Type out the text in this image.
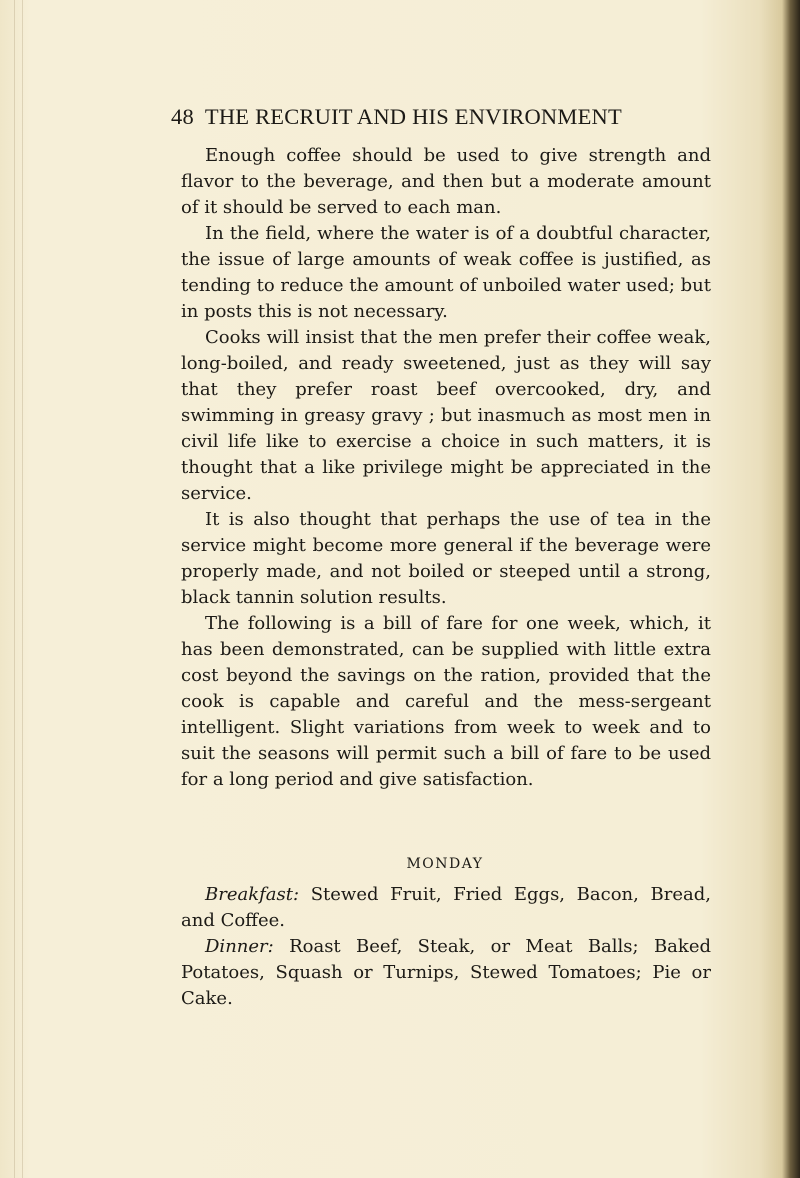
48 THE RECRUIT AND HIS ENVIRONMENT

Enough coffee should be used to give strength and flavor to the beverage, and then but a moderate amount of it should be served to each man.

In the field, where the water is of a doubtful character, the issue of large amounts of weak coffee is justified, as tending to reduce the amount of unboiled water used; but in posts this is not necessary.

Cooks will insist that the men prefer their coffee weak, long-boiled, and ready sweetened, just as they will say that they prefer roast beef overcooked, dry, and swimming in greasy gravy ; but inasmuch as most men in civil life like to exercise a choice in such matters, it is thought that a like privilege might be appreciated in the service.

It is also thought that perhaps the use of tea in the service might become more general if the beverage were properly made, and not boiled or steeped until a strong, black tannin solution results.

The following is a bill of fare for one week, which, it has been demonstrated, can be supplied with little extra cost beyond the savings on the ration, provided that the cook is capable and careful and the mess-sergeant intelligent. Slight variations from week to week and to suit the seasons will permit such a bill of fare to be used for a long period and give satisfaction.

MONDAY

Breakfast: Stewed Fruit, Fried Eggs, Bacon, Bread, and Coffee.

Dinner: Roast Beef, Steak, or Meat Balls; Baked Potatoes, Squash or Turnips, Stewed Tomatoes; Pie or Cake.
